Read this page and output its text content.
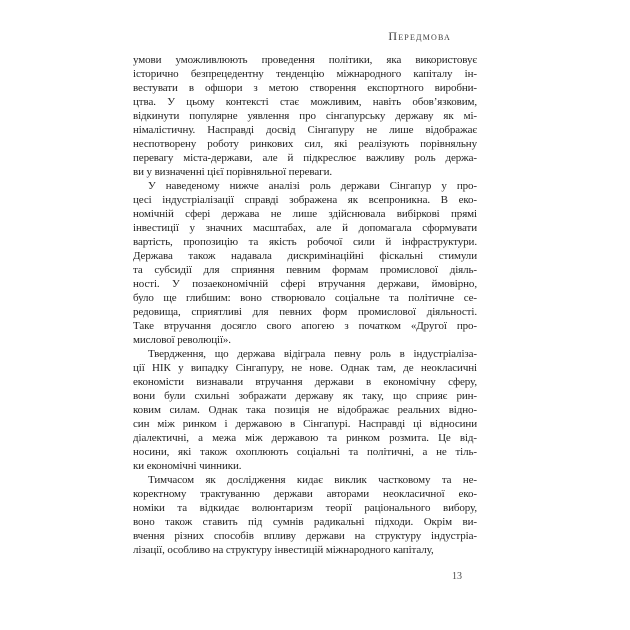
Передмова
умови уможливлюють проведення політики, яка використовує
історично безпрецедентну тенденцію міжнародного капіталу ін-
вестувати в офшори з метою створення експортного виробни-
цтва. У цьому контексті стає можливим, навіть обов’язковим,
відкинути популярне уявлення про сінгапурську державу як мі-
німалістичну. Насправді досвід Сінгапуру не лише відображає
неспотворену роботу ринкових сил, які реалізують порівняльну
перевагу міста-держави, але й підкреслює важливу роль держа-
ви у визначенні цієї порівняльної переваги.
У наведеному нижче аналізі роль держави Сінгапур у про-
цесі індустріалізації справді зображена як всепроникна. В еко-
номічній сфері держава не лише здійснювала вибіркові прямі
інвестиції у значних масштабах, але й допомагала сформувати
вартість, пропозицію та якість робочої сили й інфраструктури.
Держава також надавала дискримінаційні фіскальні стимули
та субсидії для сприяння певним формам промислової діяль-
ності. У позаекономічній сфері втручання держави, ймовірно,
було ще глибшим: воно створювало соціальне та політичне се-
редовища, сприятливі для певних форм промислової діяльності.
Таке втручання досягло свого апогею з початком «Другої про-
мислової революції».
Твердження, що держава відіграла певну роль в індустріаліза-
ції НІК у випадку Сінгапуру, не нове. Однак там, де неокласичні
економісти визнавали втручання держави в економічну сферу,
вони були схильні зображати державу як таку, що сприяє рин-
ковим силам. Однак така позиція не відображає реальних відно-
син між ринком і державою в Сінгапурі. Насправді ці відносини
діалектичні, а межа між державою та ринком розмита. Це від-
носини, які також охоплюють соціальні та політичні, а не тіль-
ки економічні чинники.
Тимчасом як дослідження кидає виклик частковому та не-
коректному трактуванню держави авторами неокласичної еко-
номіки та відкидає волюнтаризм теорії раціонального вибору,
воно також ставить під сумнів радикальні підходи. Окрім ви-
вчення різних способів впливу держави на структуру індустріа-
лізації, особливо на структуру інвестицій міжнародного капіталу,
13
